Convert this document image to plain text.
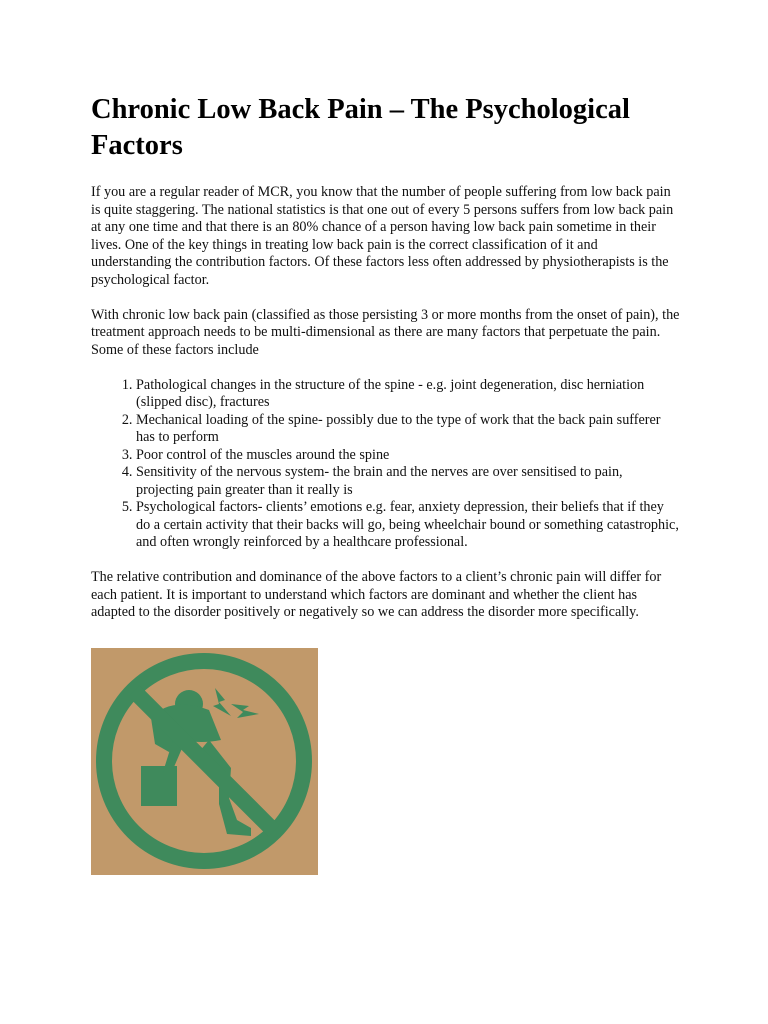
Chronic Low Back Pain – The Psychological Factors

If you are a regular reader of MCR, you know that the number of people suffering from low back pain is quite staggering. The national statistics is that one out of every 5 persons suffers from low back pain at any one time and that there is an 80% chance of a person having low back pain sometime in their lives. One of the key things in treating low back pain is the correct classification of it and understanding the contribution factors. Of these factors less often addressed by physiotherapists is the psychological factor.

With chronic low back pain (classified as those persisting 3 or more months from the onset of pain), the treatment approach needs to be multi-dimensional as there are many factors that perpetuate the pain. Some of these factors include

1. Pathological changes in the structure of the spine - e.g. joint degeneration, disc herniation (slipped disc), fractures
2. Mechanical loading of the spine- possibly due to the type of work that the back pain sufferer has to perform
3. Poor control of the muscles around the spine
4. Sensitivity of the nervous system- the brain and the nerves are over sensitised to pain, projecting pain greater than it really is
5. Psychological factors- clients’ emotions e.g. fear, anxiety depression, their beliefs that if they do a certain activity that their backs will go, being wheelchair bound or something catastrophic, and often wrongly reinforced by a healthcare professional.

The relative contribution and dominance of the above factors to a client’s chronic pain will differ for each patient. It is important to understand which factors are dominant and whether the client has adapted to the disorder positively or negatively so we can address the disorder more specifically.
